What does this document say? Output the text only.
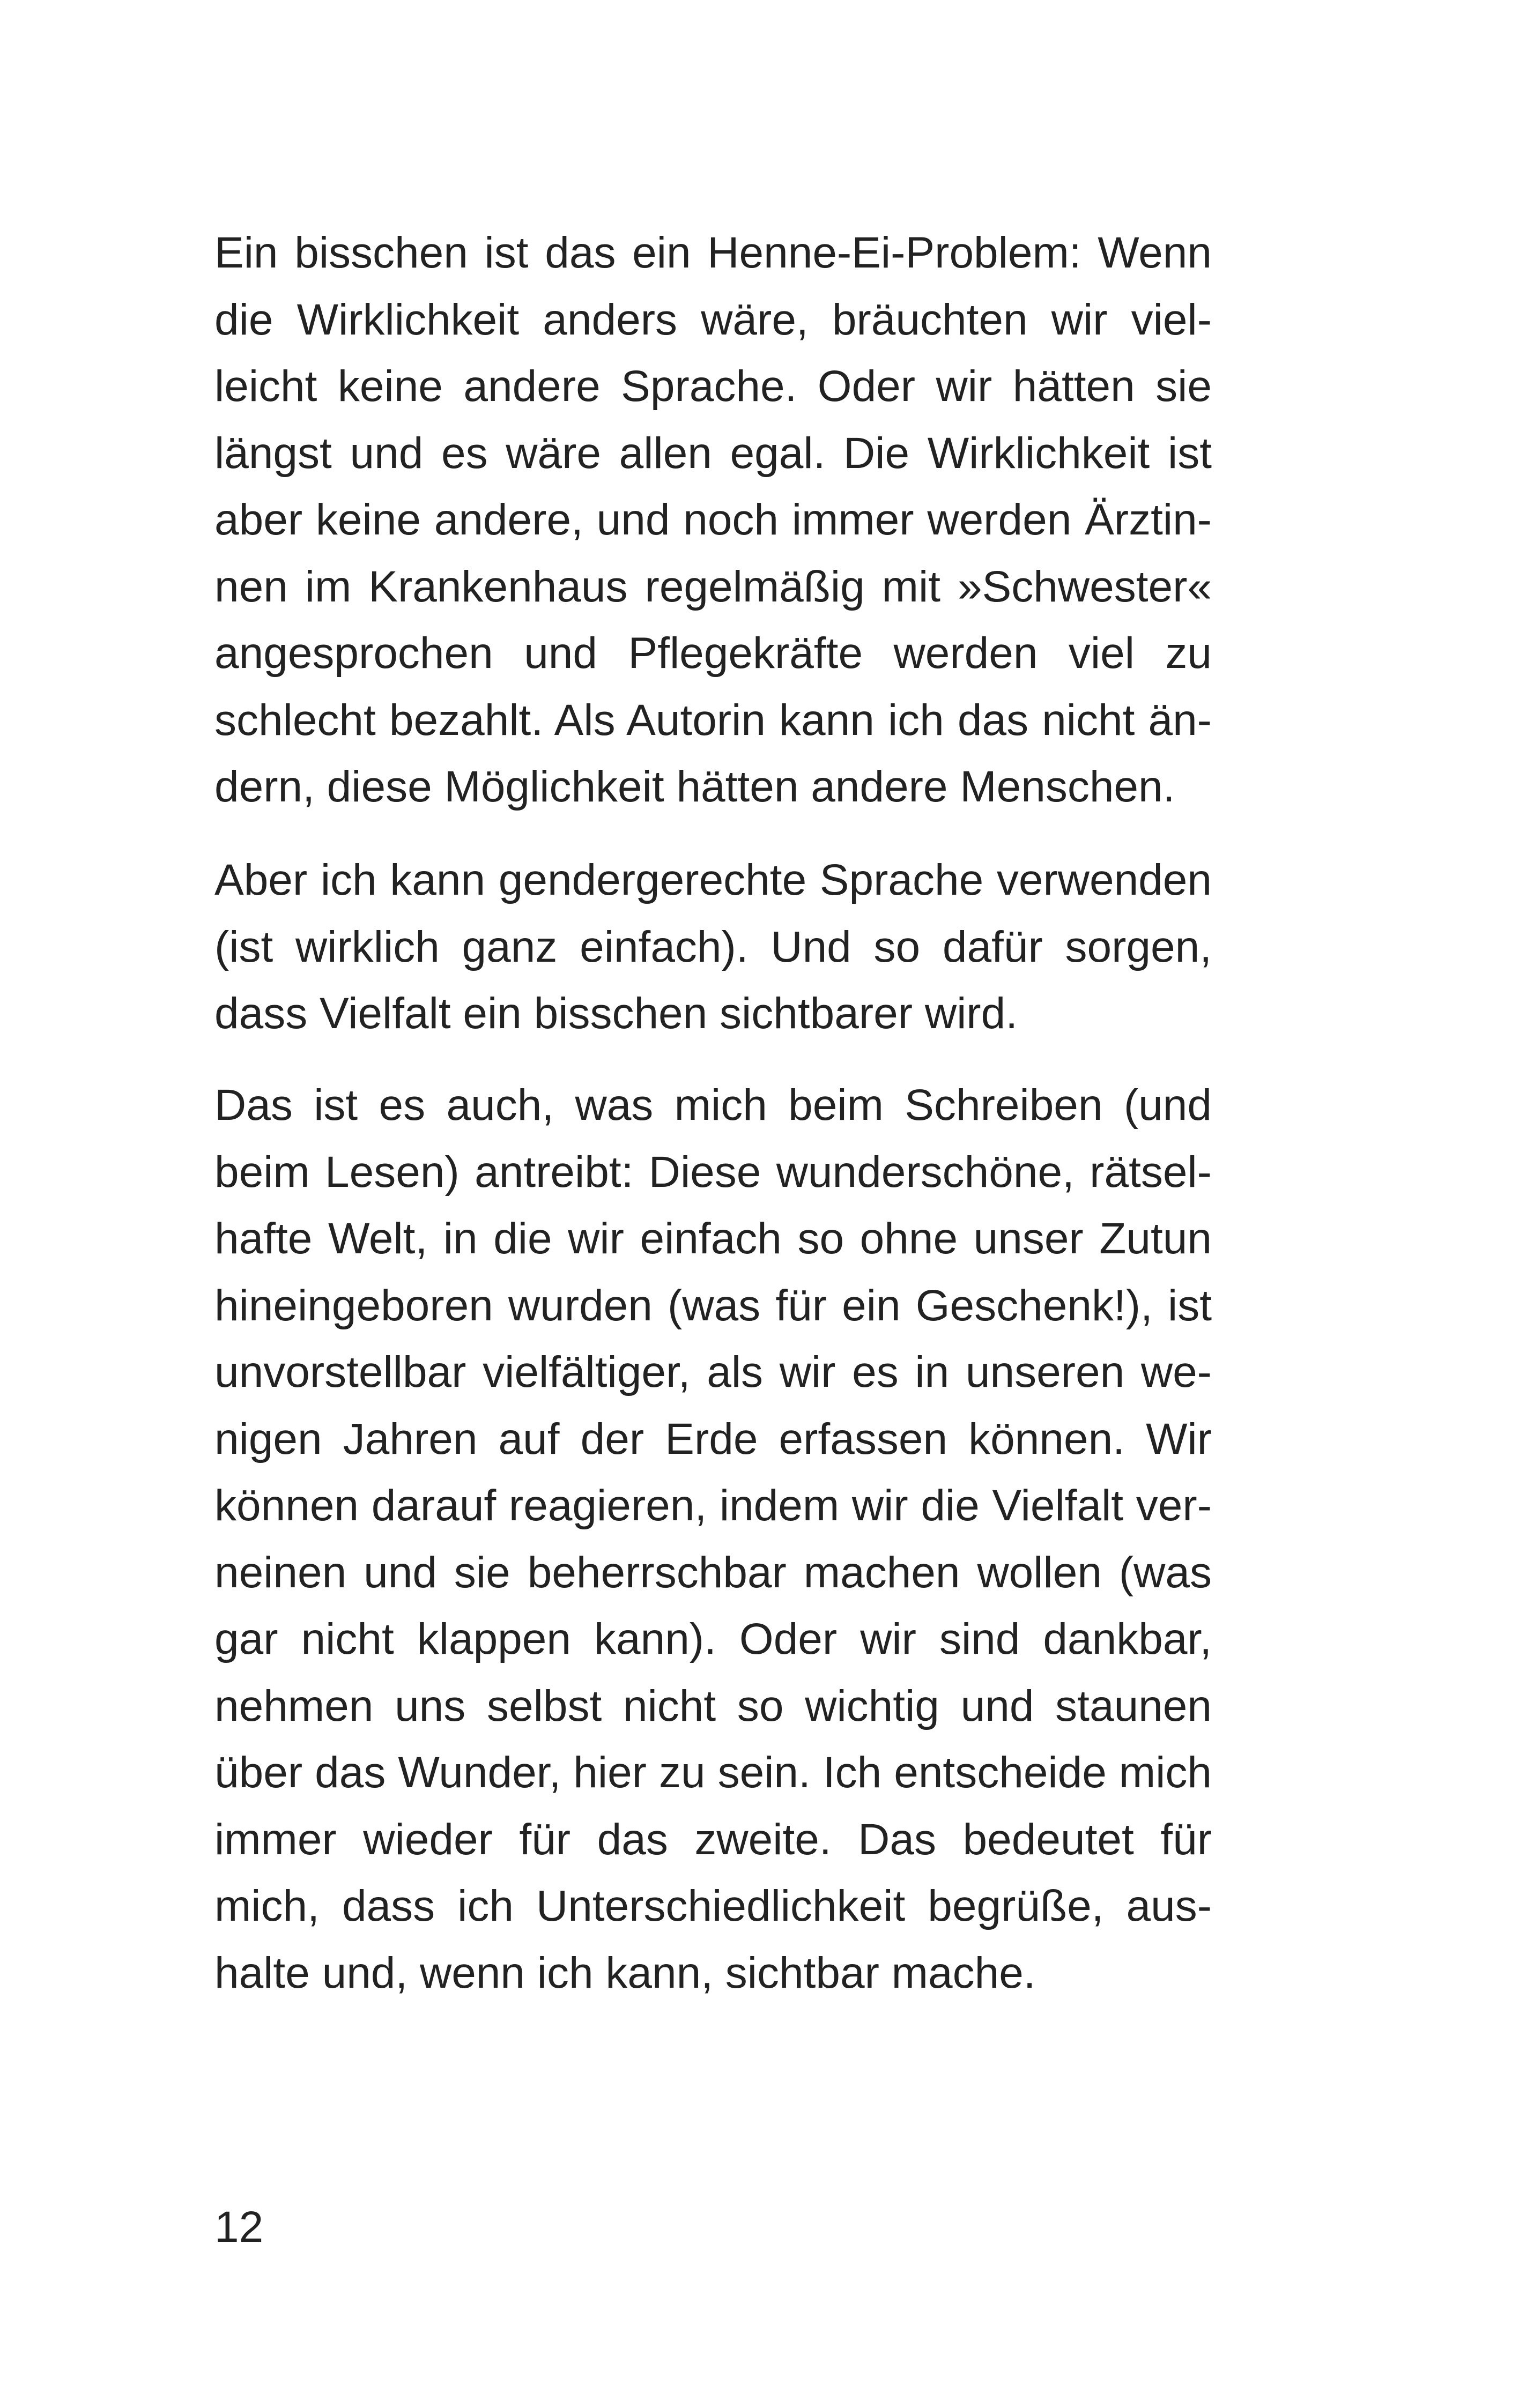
Ein bisschen ist das ein Henne-Ei-Problem: Wenn
die Wirklichkeit anders wäre, bräuchten wir viel-
leicht keine andere Sprache. Oder wir hätten sie
längst und es wäre allen egal. Die Wirklichkeit ist
aber keine andere, und noch immer werden Ärztin-
nen im Krankenhaus regelmäßig mit »Schwester«
angesprochen und Pflegekräfte werden viel zu
schlecht bezahlt. Als Autorin kann ich das nicht än-
dern, diese Möglichkeit hätten andere Menschen.
Aber ich kann gendergerechte Sprache verwenden
(ist wirklich ganz einfach). Und so dafür sorgen,
dass Vielfalt ein bisschen sichtbarer wird.
Das ist es auch, was mich beim Schreiben (und
beim Lesen) antreibt: Diese wunderschöne, rätsel-
hafte Welt, in die wir einfach so ohne unser Zutun
hineingeboren wurden (was für ein Geschenk!), ist
unvorstellbar vielfältiger, als wir es in unseren we-
nigen Jahren auf der Erde erfassen können. Wir
können darauf reagieren, indem wir die Vielfalt ver-
neinen und sie beherrschbar machen wollen (was
gar nicht klappen kann). Oder wir sind dankbar,
nehmen uns selbst nicht so wichtig und staunen
über das Wunder, hier zu sein. Ich entscheide mich
immer wieder für das zweite. Das bedeutet für
mich, dass ich Unterschiedlichkeit begrüße, aus-
halte und, wenn ich kann, sichtbar mache.
12
